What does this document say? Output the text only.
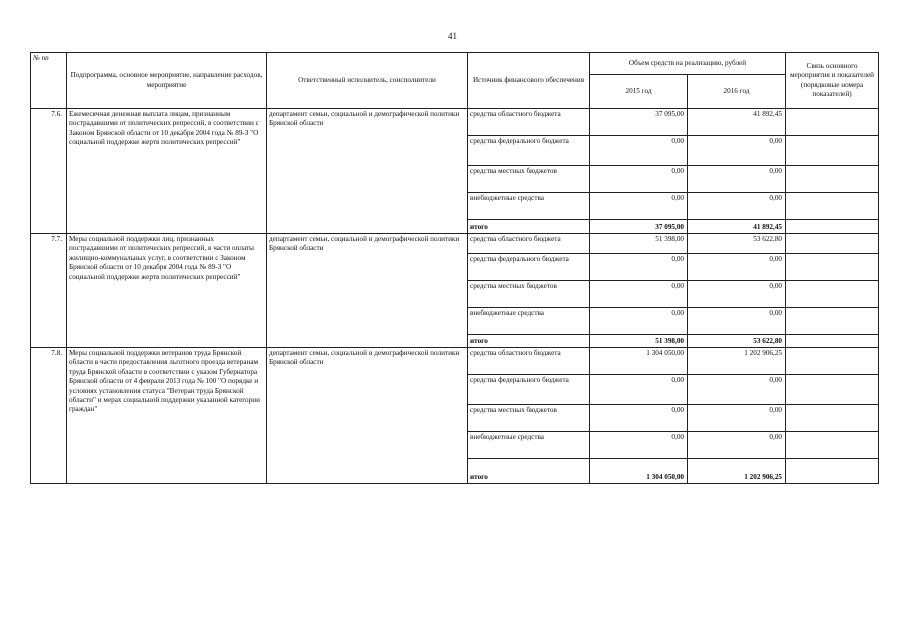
41
№ пп	Подпрограмма, основное мероприятие, направление расходов, мероприятие	Ответственный исполнитель, соисполнители	Источник финансового обеспечения	Объем средств на реализацию, рублей		Связь основного мероприятия и показателей (порядковые номера показателей)
				2015 год	2016 год	
7.6.	Ежемесячная денежная выплата лицам, признанным пострадавшими от политических репрессий, в соответствии с Законом Брянской области от 10 декабря 2004 года № 89-З "О социальной поддержке жертв политических репрессий"	департамент семьи, социальной и демографической политики Брянской области	средства областного бюджета	37 095,00	41 892,45	
			средства федерального бюджета	0,00	0,00	
			средства местных бюджетов	0,00	0,00	
			внебюджетные средства	0,00	0,00	
			итого	37 095,00	41 892,45	
7.7.	Меры социальной поддержки лиц, признанных пострадавшими от политических репрессий, в части оплаты жилищно-коммунальных услуг, в соответствии с Законом Брянской области от 10 декабря 2004 года № 89-З "О социальной поддержке жертв политических репрессий"	департамент семьи, социальной и демографической политики Брянской области	средства областного бюджета	51 398,00	53 622,80	
			средства федерального бюджета	0,00	0,00	
			средства местных бюджетов	0,00	0,00	
			внебюджетные средства	0,00	0,00	
			итого	51 398,00	53 622,80	
7.8.	Меры социальной поддержки ветеранов труда Брянской области в части предоставления льготного проезда ветеранам труда Брянской области в соответствии с указом Губернатора Брянской области от 4 февраля 2013 года № 100 "О порядке и условиях установления статуса "Ветеран труда Брянской области" и мерах социальной поддержки указанной категории граждан"	департамент семьи, социальной и демографической политики Брянской области	средства областного бюджета	1 304 050,00	1 202 906,25	
			средства федерального бюджета	0,00	0,00	
			средства местных бюджетов	0,00	0,00	
			внебюджетные средства	0,00	0,00	
			итого	1 304 050,00	1 202 906,25	
